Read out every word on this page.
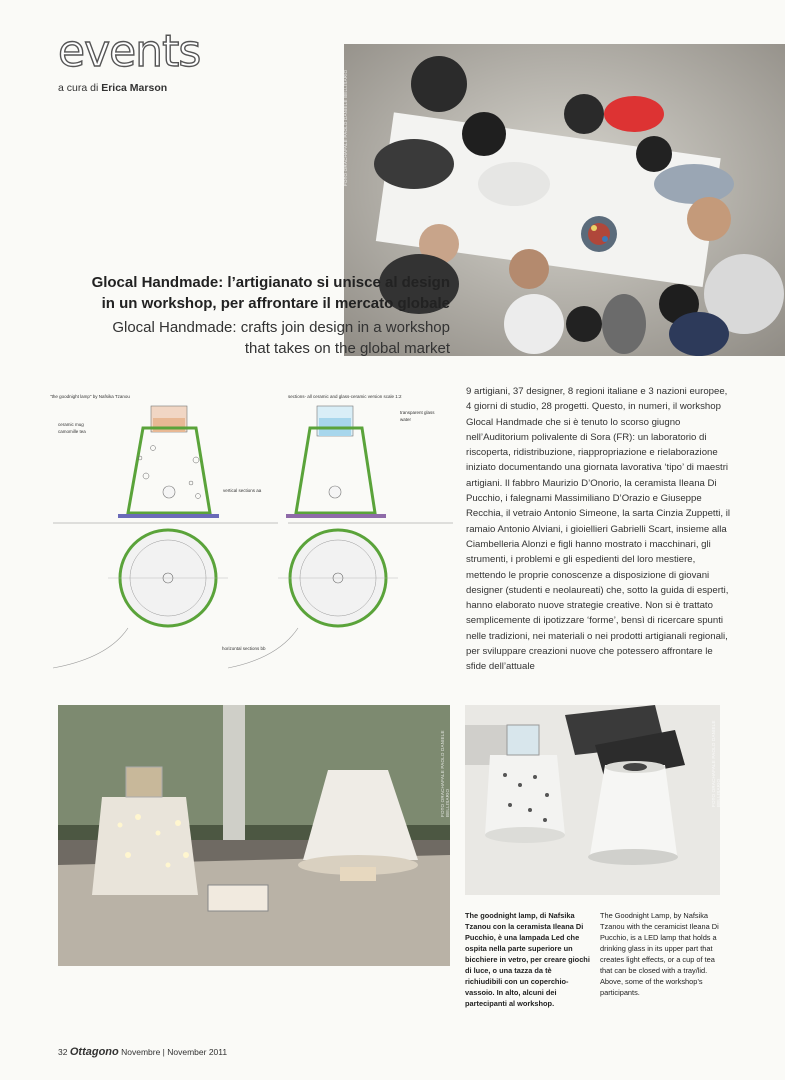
events
a cura di Erica Marson	FOTO ORACHAFALE PAOLO DANIELE BELLISARIO
Glocal Handmade: l’artigianato si unisce al design
in un workshop, per affrontare il mercato globale
Glocal Handmade: crafts join design in a workshop
that takes on the global market
"the goodnight lamp" by Nafsika Tzanou	sections- all ceramic and glass-ceramic version scale 1:2
ceramic mug
camomille tea
transparent glass
water
vertical sections aa
horizontal sections bb
9 artigiani, 37 designer, 8 regioni italiane e 3 nazioni europee, 4 giorni di studio, 28 progetti. Questo, in numeri, il workshop Glocal Handmade che si è tenuto lo scorso giugno nell’Auditorium polivalente di Sora (FR): un laboratorio di riscoperta, ridistribuzione, riappropriazione e rielaborazione iniziato documentando una giornata lavorativa ‘tipo’ di maestri artigiani. Il fabbro Maurizio D’Onorio, la ceramista Ileana Di Pucchio, i falegnami Massimiliano D’Orazio e Giuseppe Recchia, il vetraio Antonio Simeone, la sarta Cinzia Zuppetti, il ramaio Antonio Alviani, i gioiellieri Gabrielli Scart, insieme alla Ciambelleria Alonzi e figli hanno mostrato i macchinari, gli strumenti, i problemi e gli espedienti del loro mestiere, mettendo le proprie conoscenze a disposizione di giovani designer (studenti e neolaureati) che, sotto la guida di esperti, hanno elaborato nuove strategie creative. Non si è trattato semplicemente di ipotizzare ‘forme’, bensì di ricercare spunti nelle tradizioni, nei materiali o nei prodotti artigianali regionali, per sviluppare creazioni nuove che potessero affrontare le sfide dell’attuale
FOTO ORACHAFALE PAOLO DANIELE BELLISARIO	FOTO ORACHAFALE PAOLO DANIELE BELLISARIO
The goodnight lamp, di Nafsika Tzanou con la ceramista Ileana Di Pucchio, è una lampada Led che ospita nella parte superiore un bicchiere in vetro, per creare giochi di luce, o una tazza da tè richiudibili con un coperchio-vassoio. In alto, alcuni dei partecipanti al workshop.
The Goodnight Lamp, by Nafsika Tzanou with the ceramicist Ileana Di Pucchio, is a LED lamp that holds a drinking glass in its upper part that creates light effects, or a cup of tea that can be closed with a tray/lid. Above, some of the workshop’s participants.
32 Ottagono Novembre | November 2011
